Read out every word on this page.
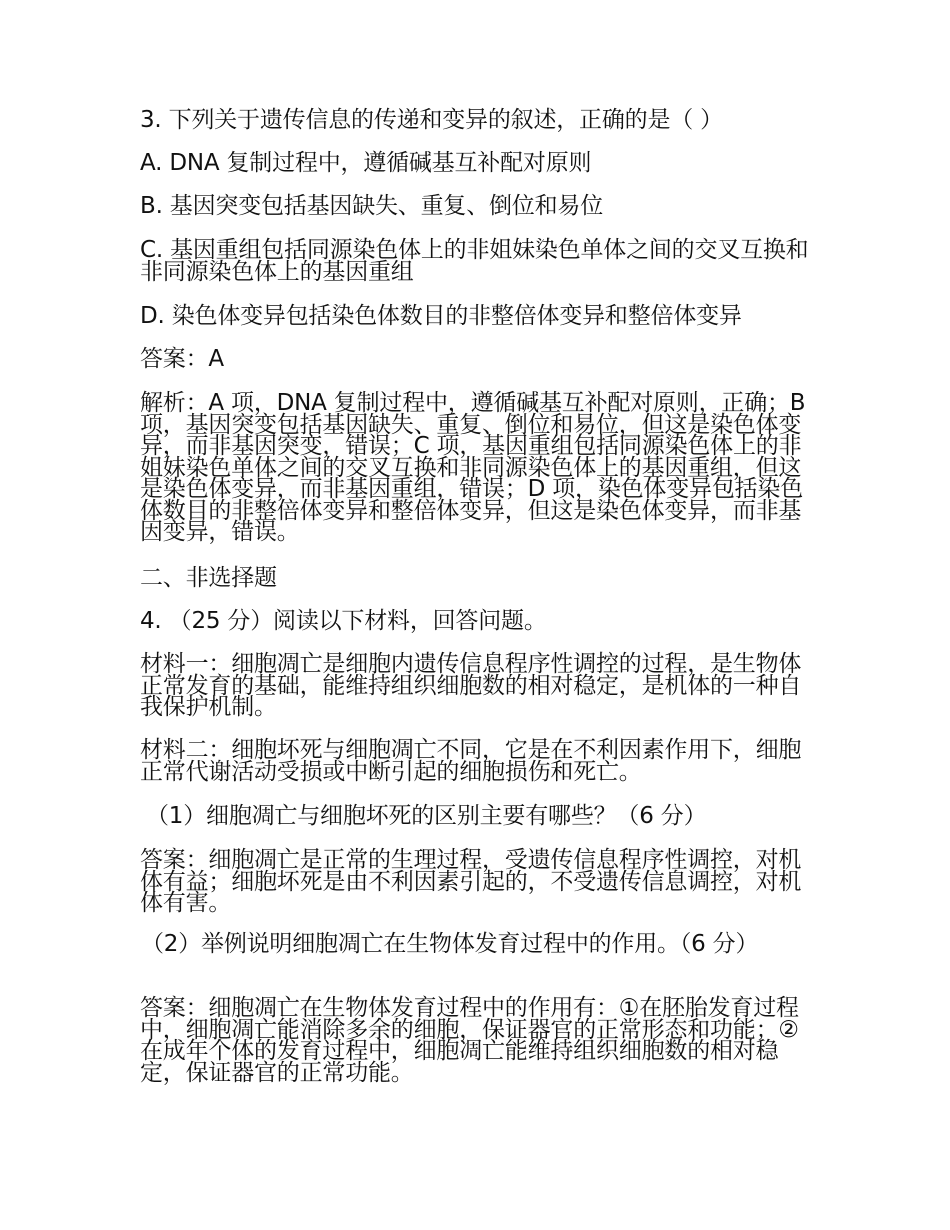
3. 下列关于遗传信息的传递和变异的叙述，正确的是（ ）

A. DNA 复制过程中，遵循碱基互补配对原则

B. 基因突变包括基因缺失、重复、倒位和易位

C. 基因重组包括同源染色体上的非姐妹染色单体之间的交叉互换和非同源染色体上的基因重组

D. 染色体变异包括染色体数目的非整倍体变异和整倍体变异

答案：A

解析：A 项，DNA 复制过程中，遵循碱基互补配对原则，正确；B 项，基因突变包括基因缺失、重复、倒位和易位，但这是染色体变异，而非基因突变，错误；C 项，基因重组包括同源染色体上的非姐妹染色单体之间的交叉互换和非同源染色体上的基因重组，但这是染色体变异，而非基因重组，错误；D 项，染色体变异包括染色体数目的非整倍体变异和整倍体变异，但这是染色体变异，而非基因变异，错误。

二、非选择题

4. （25 分）阅读以下材料，回答问题。

材料一：细胞凋亡是细胞内遗传信息程序性调控的过程，是生物体正常发育的基础，能维持组织细胞数的相对稳定，是机体的一种自我保护机制。

材料二：细胞坏死与细胞凋亡不同，它是在不利因素作用下，细胞正常代谢活动受损或中断引起的细胞损伤和死亡。

（1）细胞凋亡与细胞坏死的区别主要有哪些？（6 分）

答案：细胞凋亡是正常的生理过程，受遗传信息程序性调控，对机体有益；细胞坏死是由不利因素引起的，不受遗传信息调控，对机体有害。

（2）举例说明细胞凋亡在生物体发育过程中的作用。（6 分）

答案：细胞凋亡在生物体发育过程中的作用有：①在胚胎发育过程中，细胞凋亡能消除多余的细胞，保证器官的正常形态和功能；②在成年个体的发育过程中，细胞凋亡能维持组织细胞数的相对稳定，保证器官的正常功能。
